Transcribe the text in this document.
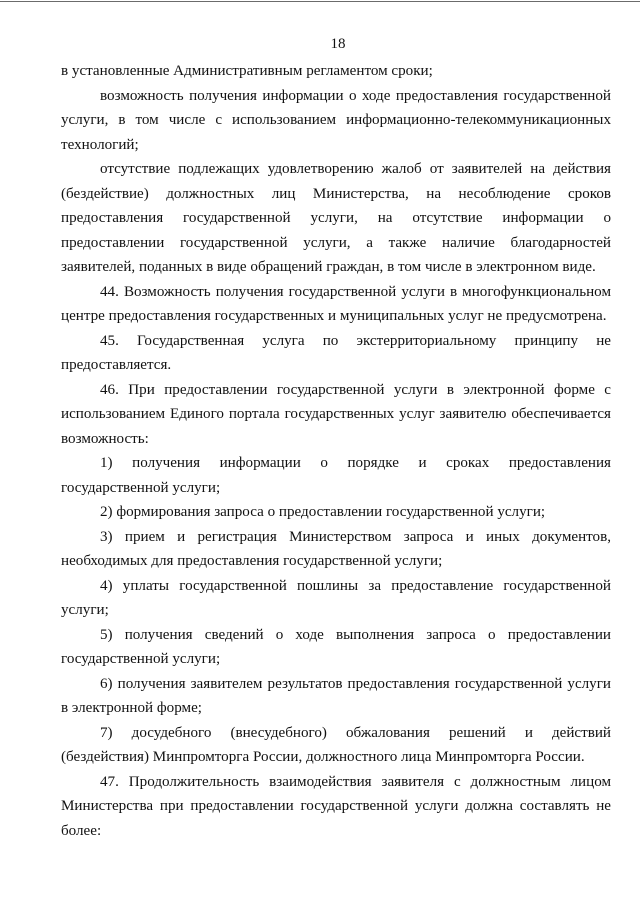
18

в установленные Административным регламентом сроки;

возможность получения информации о ходе предоставления государственной услуги, в том числе с использованием информационно-телекоммуникационных технологий;

отсутствие подлежащих удовлетворению жалоб от заявителей на действия (бездействие) должностных лиц Министерства, на несоблюдение сроков предоставления государственной услуги, на отсутствие информации о предоставлении государственной услуги, а также наличие благодарностей заявителей, поданных в виде обращений граждан, в том числе в электронном виде.

44. Возможность получения государственной услуги в многофункциональном центре предоставления государственных и муниципальных услуг не предусмотрена.

45. Государственная услуга по экстерриториальному принципу не предоставляется.

46. При предоставлении государственной услуги в электронной форме с использованием Единого портала государственных услуг заявителю обеспечивается возможность:

1) получения информации о порядке и сроках предоставления государственной услуги;

2) формирования запроса о предоставлении государственной услуги;

3) прием и регистрация Министерством запроса и иных документов, необходимых для предоставления государственной услуги;

4) уплаты государственной пошлины за предоставление государственной услуги;

5) получения сведений о ходе выполнения запроса о предоставлении государственной услуги;

6) получения заявителем результатов предоставления государственной услуги в электронной форме;

7) досудебного (внесудебного) обжалования решений и действий (бездействия) Минпромторга России, должностного лица Минпромторга России.

47. Продолжительность взаимодействия заявителя с должностным лицом Министерства при предоставлении государственной услуги должна составлять не более:
